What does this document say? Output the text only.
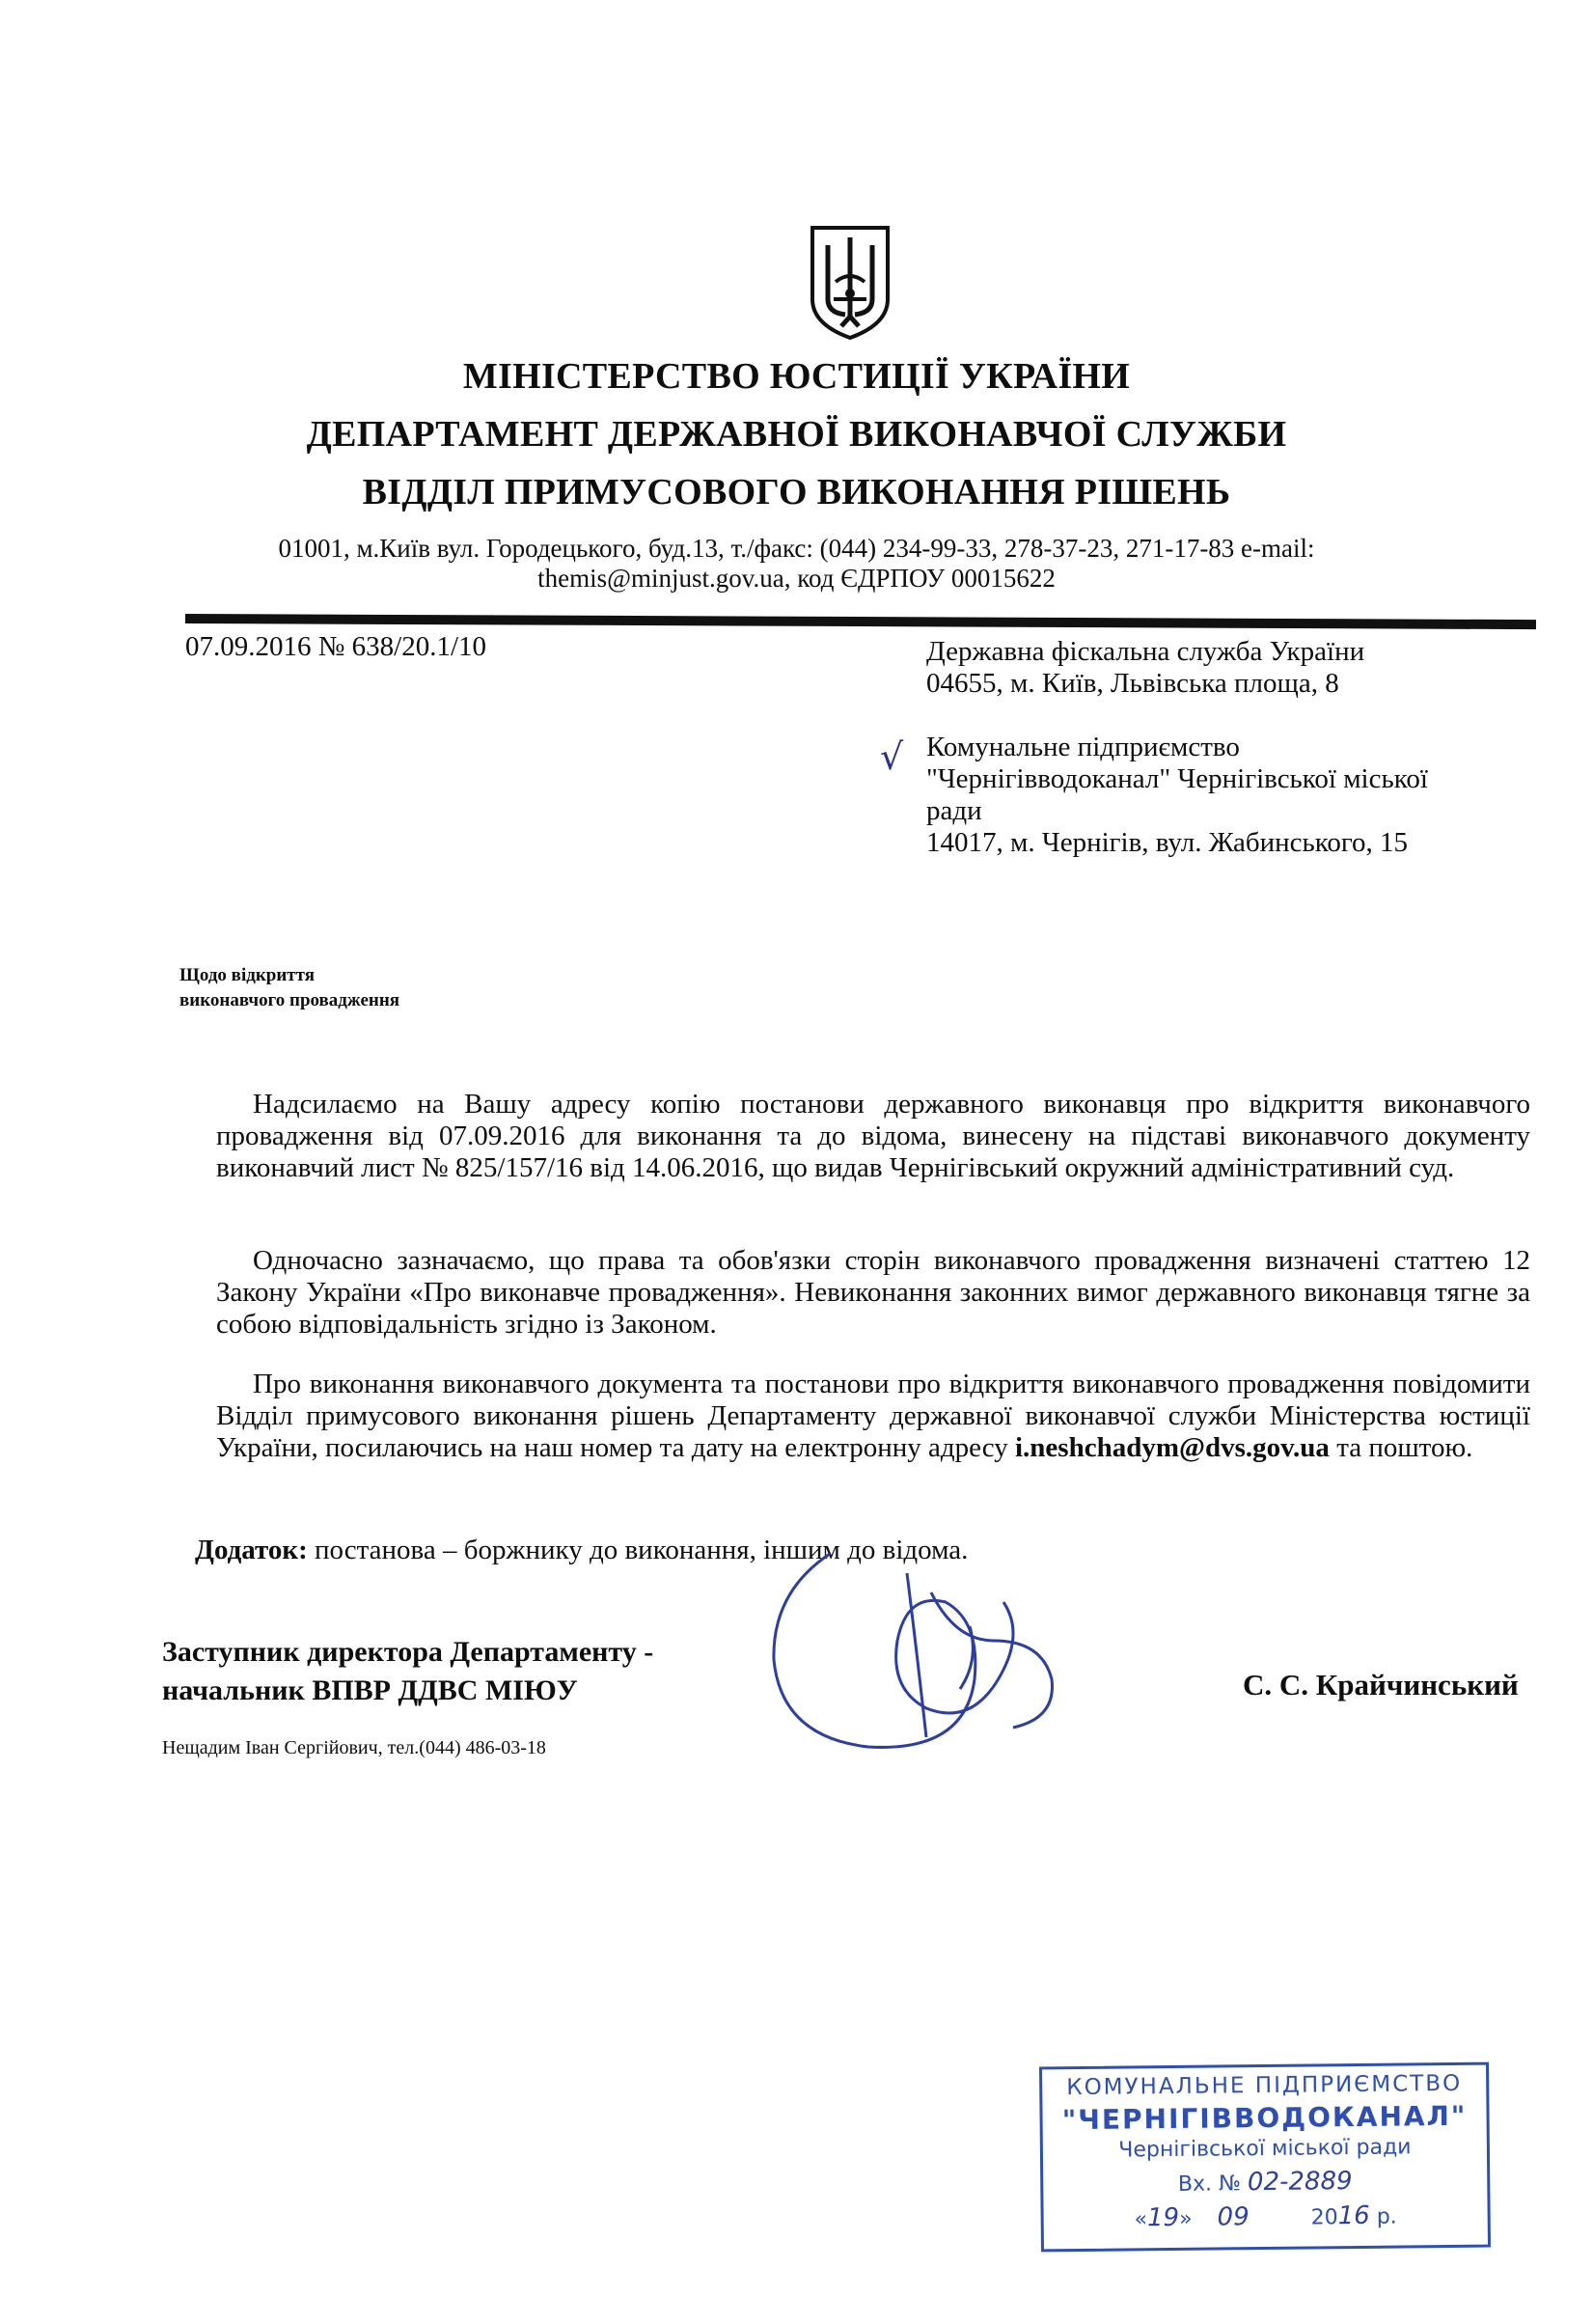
МІНІСТЕРСТВО ЮСТИЦІЇ УКРАЇНИ
ДЕПАРТАМЕНТ ДЕРЖАВНОЇ ВИКОНАВЧОЇ СЛУЖБИ
ВІДДІЛ ПРИМУСОВОГО ВИКОНАННЯ РІШЕНЬ
01001, м.Київ вул. Городецького, буд.13, т./факс: (044) 234-99-33, 278-37-23, 271-17-83 e-mail:
themis@minjust.gov.ua, код ЄДРПОУ 00015622
07.09.2016 № 638/20.1/10	Державна фіскальна служба України
04655, м. Київ, Львівська площа, 8
√ Комунальне підприємство
"Чернігівводоканал" Чернігівської міської
ради
14017, м. Чернігів, вул. Жабинського, 15
Щодо відкриття
виконавчого провадження
Надсилаємо на Вашу адресу копію постанови державного виконавця про відкриття виконавчого провадження від 07.09.2016 для виконання та до відома, винесену на підставі виконавчого документу виконавчий лист № 825/157/16 від 14.06.2016, що видав Чернігівський окружний адміністративний суд.
Одночасно зазначаємо, що права та обов'язки сторін виконавчого провадження визначені статтею 12 Закону України «Про виконавче провадження». Невиконання законних вимог державного виконавця тягне за собою відповідальність згідно із Законом.
Про виконання виконавчого документа та постанови про відкриття виконавчого провадження повідомити Відділ примусового виконання рішень Департаменту державної виконавчої служби Міністерства юстиції України, посилаючись на наш номер та дату на електронну адресу i.neshchadym@dvs.gov.ua та поштою.
Додаток: постанова – боржнику до виконання, іншим до відома.
Заступник директора Департаменту -
начальник ВПВР ДДВС МІЮУ	С. С. Крайчинський
Нещадим Іван Сергійович, тел.(044) 486-03-18
КОМУНАЛЬНЕ ПІДПРИЄМСТВО
"ЧЕРНІГІВВОДОКАНАЛ"
Чернігівської міської ради
Вх. № 02-2889
«19»  09	2016 р.
